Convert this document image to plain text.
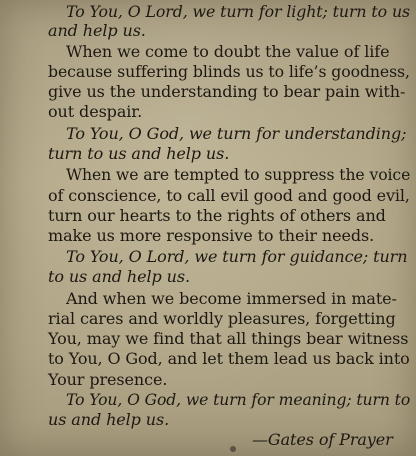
To You, O Lord, we turn for light; turn to us
and help us.
When we come to doubt the value of life
because suffering blinds us to life’s goodness,
give us the understanding to bear pain with-
out despair.
To You, O God, we turn for understanding;
turn to us and help us.
When we are tempted to suppress the voice
of conscience, to call evil good and good evil,
turn our hearts to the rights of others and
make us more responsive to their needs.
To You, O Lord, we turn for guidance; turn
to us and help us.
And when we become immersed in mate-
rial cares and worldly pleasures, forgetting
You, may we find that all things bear witness
to You, O God, and let them lead us back into
Your presence.
To You, O God, we turn for meaning; turn to
us and help us.
—Gates of Prayer
